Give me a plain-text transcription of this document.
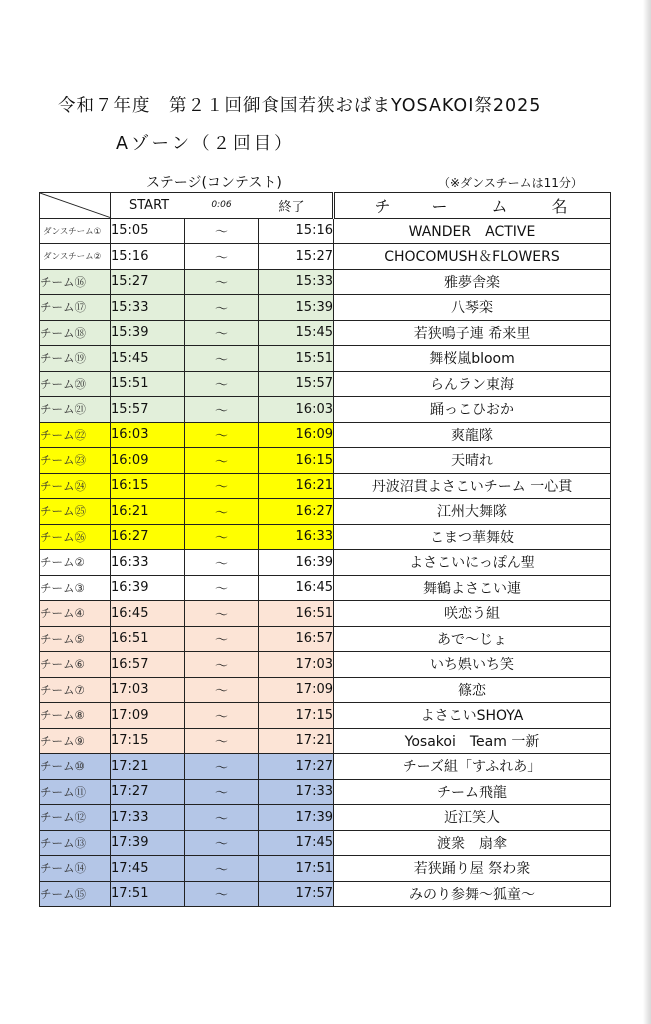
令和７年度　第２１回御食国若狭おばまYOSAKOI祭2025
Aゾーン（２回目）
ステージ(コンテスト)	（※ダンスチームは11分）
	START	0:06	終了	チ ー ム 名
ダンスチーム①	15:05	～	15:16	WANDER　ACTIVE
ダンスチーム②	15:16	～	15:27	CHOCOMUSH＆FLOWERS
チーム⑯	15:27	～	15:33	雅夢舎楽
チーム⑰	15:33	～	15:39	八琴栾
チーム⑱	15:39	～	15:45	若狭鳴子連 希来里
チーム⑲	15:45	～	15:51	舞桜嵐bloom
チーム⑳	15:51	～	15:57	らんラン東海
チーム㉑	15:57	～	16:03	踊っこひおか
チーム㉒	16:03	～	16:09	爽龍隊
チーム㉓	16:09	～	16:15	天晴れ
チーム㉔	16:15	～	16:21	丹波沼貫よさこいチーム 一心貫
チーム㉕	16:21	～	16:27	江州大舞隊
チーム㉖	16:27	～	16:33	こまつ華舞妓
チーム②	16:33	～	16:39	よさこいにっぽん聖
チーム③	16:39	～	16:45	舞鶴よさこい連
チーム④	16:45	～	16:51	咲恋う組
チーム⑤	16:51	～	16:57	あで～じょ
チーム⑥	16:57	～	17:03	いち娯いち笑
チーム⑦	17:03	～	17:09	篠恋
チーム⑧	17:09	～	17:15	よさこいSHOYA
チーム⑨	17:15	～	17:21	Yosakoi　Team 一新
チーム⑩	17:21	～	17:27	チーズ組「すふれあ」
チーム⑪	17:27	～	17:33	チーム飛龍
チーム⑫	17:33	～	17:39	近江笑人
チーム⑬	17:39	～	17:45	渡衆　扇傘
チーム⑭	17:45	～	17:51	若狭踊り屋 祭わ衆
チーム⑮	17:51	～	17:57	みのり参舞～狐童～
